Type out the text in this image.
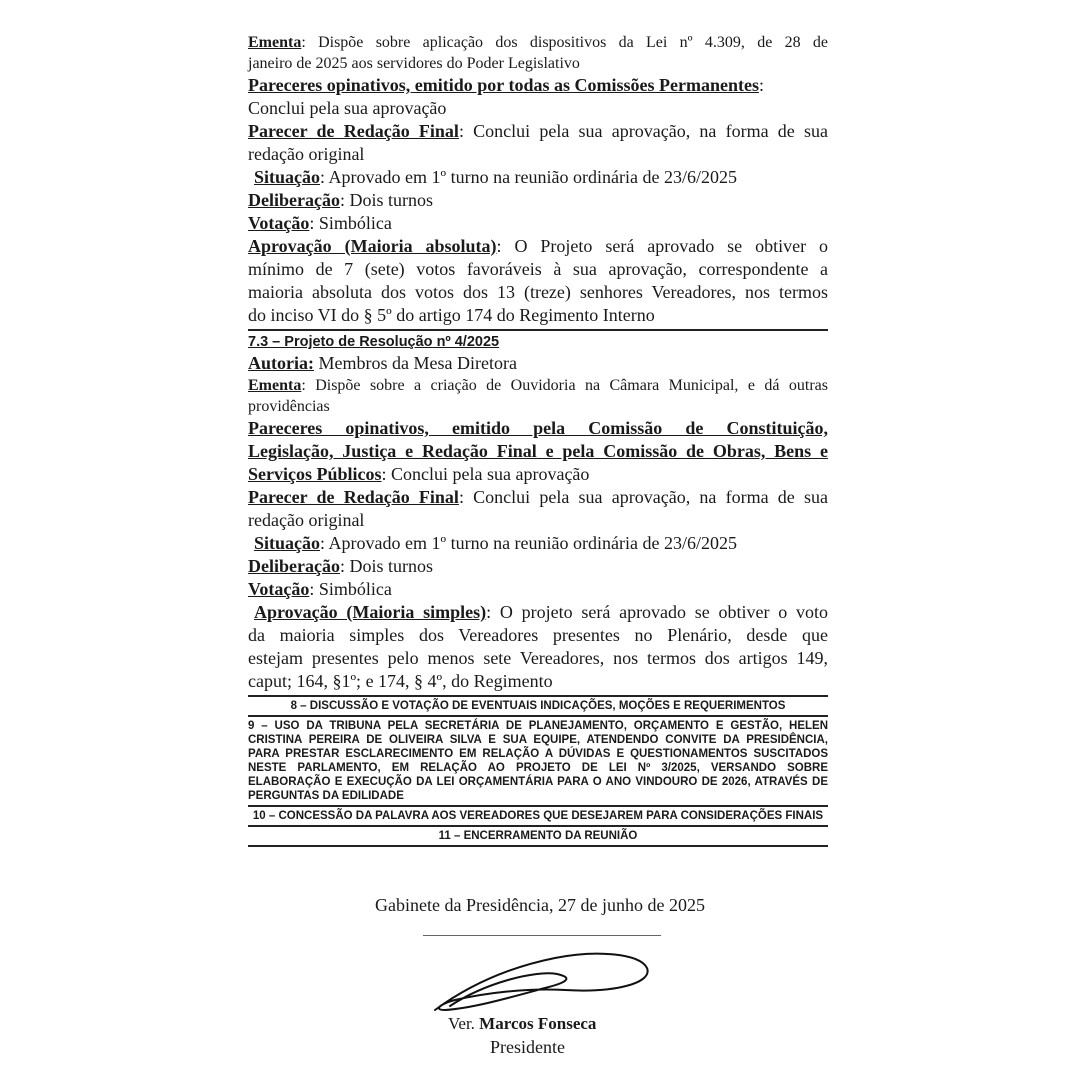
Ementa: Dispõe sobre aplicação dos dispositivos da Lei nº 4.309, de 28 de
janeiro de 2025 aos servidores do Poder Legislativo
Pareceres opinativos, emitido por todas as Comissões Permanentes:
Conclui pela sua aprovação
Parecer de Redação Final: Conclui pela sua aprovação, na forma de sua
redação original
Situação: Aprovado em 1º turno na reunião ordinária de 23/6/2025
Deliberação: Dois turnos
Votação: Simbólica
Aprovação (Maioria absoluta): O Projeto será aprovado se obtiver o
mínimo de 7 (sete) votos favoráveis à sua aprovação, correspondente a
maioria absoluta dos votos dos 13 (treze) senhores Vereadores, nos termos
do inciso VI do § 5º do artigo 174 do Regimento Interno
7.3 – Projeto de Resolução nº 4/2025
Autoria: Membros da Mesa Diretora
Ementa: Dispõe sobre a criação de Ouvidoria na Câmara Municipal, e dá outras
providências
Pareceres opinativos, emitido pela Comissão de Constituição,
Legislação, Justiça e Redação Final e pela Comissão de Obras, Bens e
Serviços Públicos: Conclui pela sua aprovação
Parecer de Redação Final: Conclui pela sua aprovação, na forma de sua
redação original
Situação: Aprovado em 1º turno na reunião ordinária de 23/6/2025
Deliberação: Dois turnos
Votação: Simbólica
Aprovação (Maioria simples): O projeto será aprovado se obtiver o voto
da maioria simples dos Vereadores presentes no Plenário, desde que
estejam presentes pelo menos sete Vereadores, nos termos dos artigos 149,
caput; 164, §1º; e 174, § 4º, do Regimento
8 – DISCUSSÃO E VOTAÇÃO DE EVENTUAIS INDICAÇÕES, MOÇÕES E REQUERIMENTOS
9 – USO DA TRIBUNA PELA SECRETÁRIA DE PLANEJAMENTO, ORÇAMENTO E GESTÃO, HELEN
CRISTINA PEREIRA DE OLIVEIRA SILVA E SUA EQUIPE, ATENDENDO CONVITE DA PRESIDÊNCIA,
PARA PRESTAR ESCLARECIMENTO EM RELAÇÃO A DÚVIDAS E QUESTIONAMENTOS SUSCITADOS
NESTE PARLAMENTO, EM RELAÇÃO AO PROJETO DE LEI Nº 3/2025, VERSANDO SOBRE
ELABORAÇÃO E EXECUÇÃO DA LEI ORÇAMENTÁRIA PARA O ANO VINDOURO DE 2026, ATRAVÉS DE
PERGUNTAS DA EDILIDADE
10 – CONCESSÃO DA PALAVRA AOS VEREADORES QUE DESEJAREM PARA CONSIDERAÇÕES FINAIS
11 – ENCERRAMENTO DA REUNIÃO
Gabinete da Presidência, 27 de junho de 2025
Ver. Marcos Fonseca
Presidente
